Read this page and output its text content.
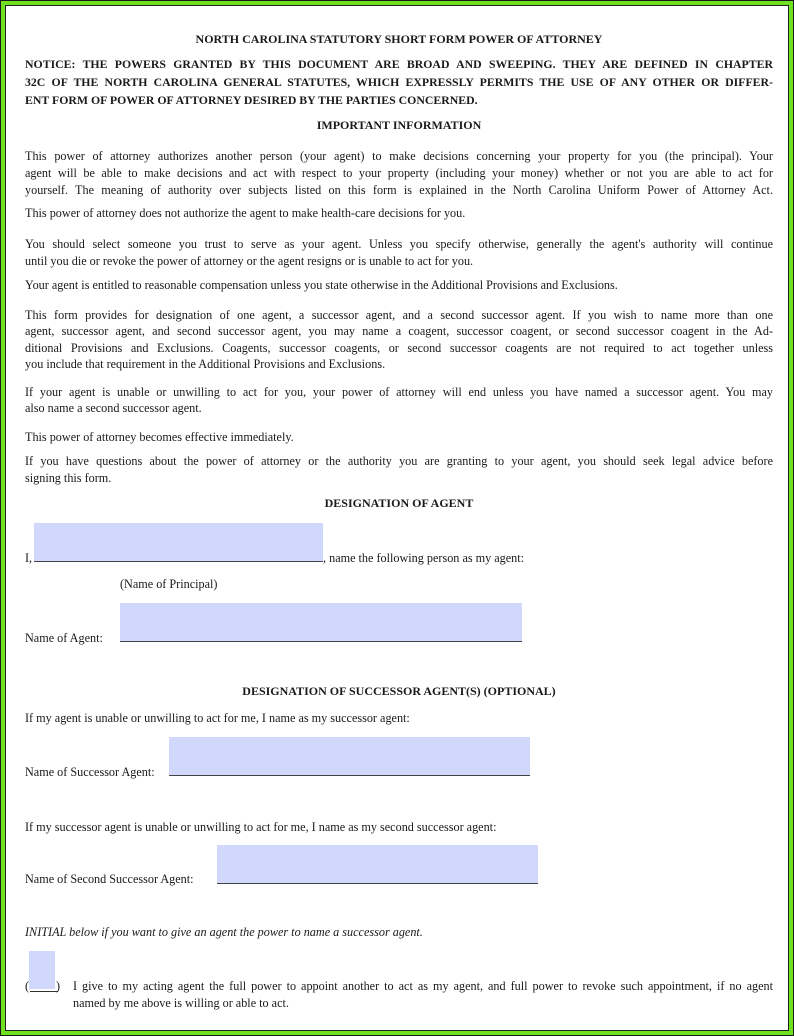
NORTH CAROLINA STATUTORY SHORT FORM POWER OF ATTORNEY
NOTICE: THE POWERS GRANTED BY THIS DOCUMENT ARE BROAD AND SWEEPING. THEY ARE DEFINED IN CHAPTER
32C OF THE NORTH CAROLINA GENERAL STATUTES, WHICH EXPRESSLY PERMITS THE USE OF ANY OTHER OR DIFFER-
ENT FORM OF POWER OF ATTORNEY DESIRED BY THE PARTIES CONCERNED.
IMPORTANT INFORMATION
This power of attorney authorizes another person (your agent) to make decisions concerning your property for you (the principal). Your
agent will be able to make decisions and act with respect to your property (including your money) whether or not you are able to act for
yourself. The meaning of authority over subjects listed on this form is explained in the North Carolina Uniform Power of Attorney Act.
This power of attorney does not authorize the agent to make health-care decisions for you.
You should select someone you trust to serve as your agent. Unless you specify otherwise, generally the agent's authority will continue
until you die or revoke the power of attorney or the agent resigns or is unable to act for you.
Your agent is entitled to reasonable compensation unless you state otherwise in the Additional Provisions and Exclusions.
This form provides for designation of one agent, a successor agent, and a second successor agent. If you wish to name more than one
agent, successor agent, and second successor agent, you may name a coagent, successor coagent, or second successor coagent in the Ad-
ditional Provisions and Exclusions. Coagents, successor coagents, or second successor coagents are not required to act together unless
you include that requirement in the Additional Provisions and Exclusions.
If your agent is unable or unwilling to act for you, your power of attorney will end unless you have named a successor agent. You may
also name a second successor agent.
This power of attorney becomes effective immediately.
If you have questions about the power of attorney or the authority you are granting to your agent, you should seek legal advice before
signing this form.
DESIGNATION OF AGENT
I,	, name the following person as my agent:
(Name of Principal)
Name of Agent:
DESIGNATION OF SUCCESSOR AGENT(S) (OPTIONAL)
If my agent is unable or unwilling to act for me, I name as my successor agent:
Name of Successor Agent:
If my successor agent is unable or unwilling to act for me, I name as my second successor agent:
Name of Second Successor Agent:
INITIAL below if you want to give an agent the power to name a successor agent.
(	)	I give to my acting agent the full power to appoint another to act as my agent, and full power to revoke such appointment, if no agent
named by me above is willing or able to act.
